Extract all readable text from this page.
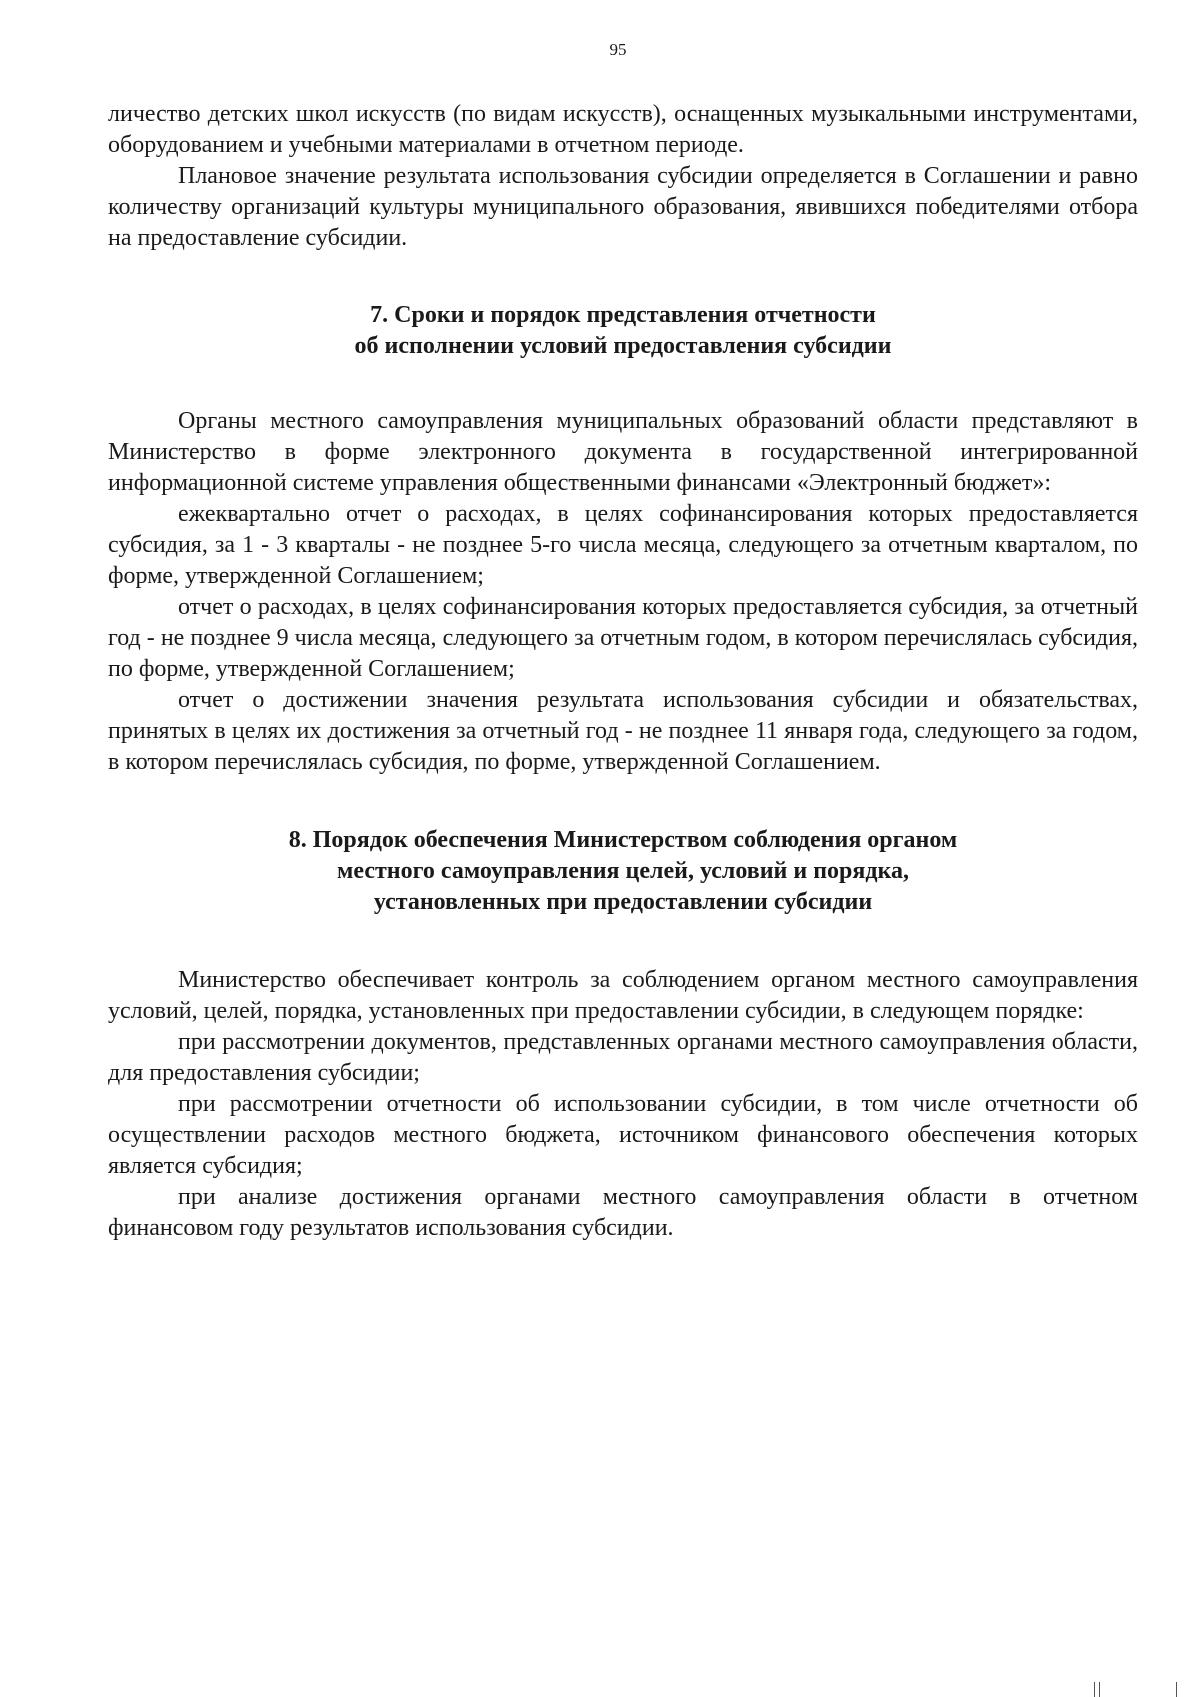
95

личество детских школ искусств (по видам искусств), оснащенных музыкальными инструментами, оборудованием и учебными материалами в отчетном периоде.

Плановое значение результата использования субсидии определяется в Соглашении и равно количеству организаций культуры муниципального образования, явившихся победителями отбора на предоставление субсидии.

7. Сроки и порядок представления отчетности
об исполнении условий предоставления субсидии

Органы местного самоуправления муниципальных образований области представляют в Министерство в форме электронного документа в государственной интегрированной информационной системе управления общественными финансами «Электронный бюджет»:

ежеквартально отчет о расходах, в целях софинансирования которых предоставляется субсидия, за 1 - 3 кварталы - не позднее 5-го числа месяца, следующего за отчетным кварталом, по форме, утвержденной Соглашением;

отчет о расходах, в целях софинансирования которых предоставляется субсидия, за отчетный год - не позднее 9 числа месяца, следующего за отчетным годом, в котором перечислялась субсидия, по форме, утвержденной Соглашением;

отчет о достижении значения результата использования субсидии и обязательствах, принятых в целях их достижения за отчетный год - не позднее 11 января года, следующего за годом, в котором перечислялась субсидия, по форме, утвержденной Соглашением.

8. Порядок обеспечения Министерством соблюдения органом
местного самоуправления целей, условий и порядка,
установленных при предоставлении субсидии

Министерство обеспечивает контроль за соблюдением органом местного самоуправления условий, целей, порядка, установленных при предоставлении субсидии, в следующем порядке:

при рассмотрении документов, представленных органами местного самоуправления области, для предоставления субсидии;

при рассмотрении отчетности об использовании субсидии, в том числе отчетности об осуществлении расходов местного бюджета, источником финансового обеспечения которых является субсидия;

при анализе достижения органами местного самоуправления области в отчетном финансовом году результатов использования субсидии.
